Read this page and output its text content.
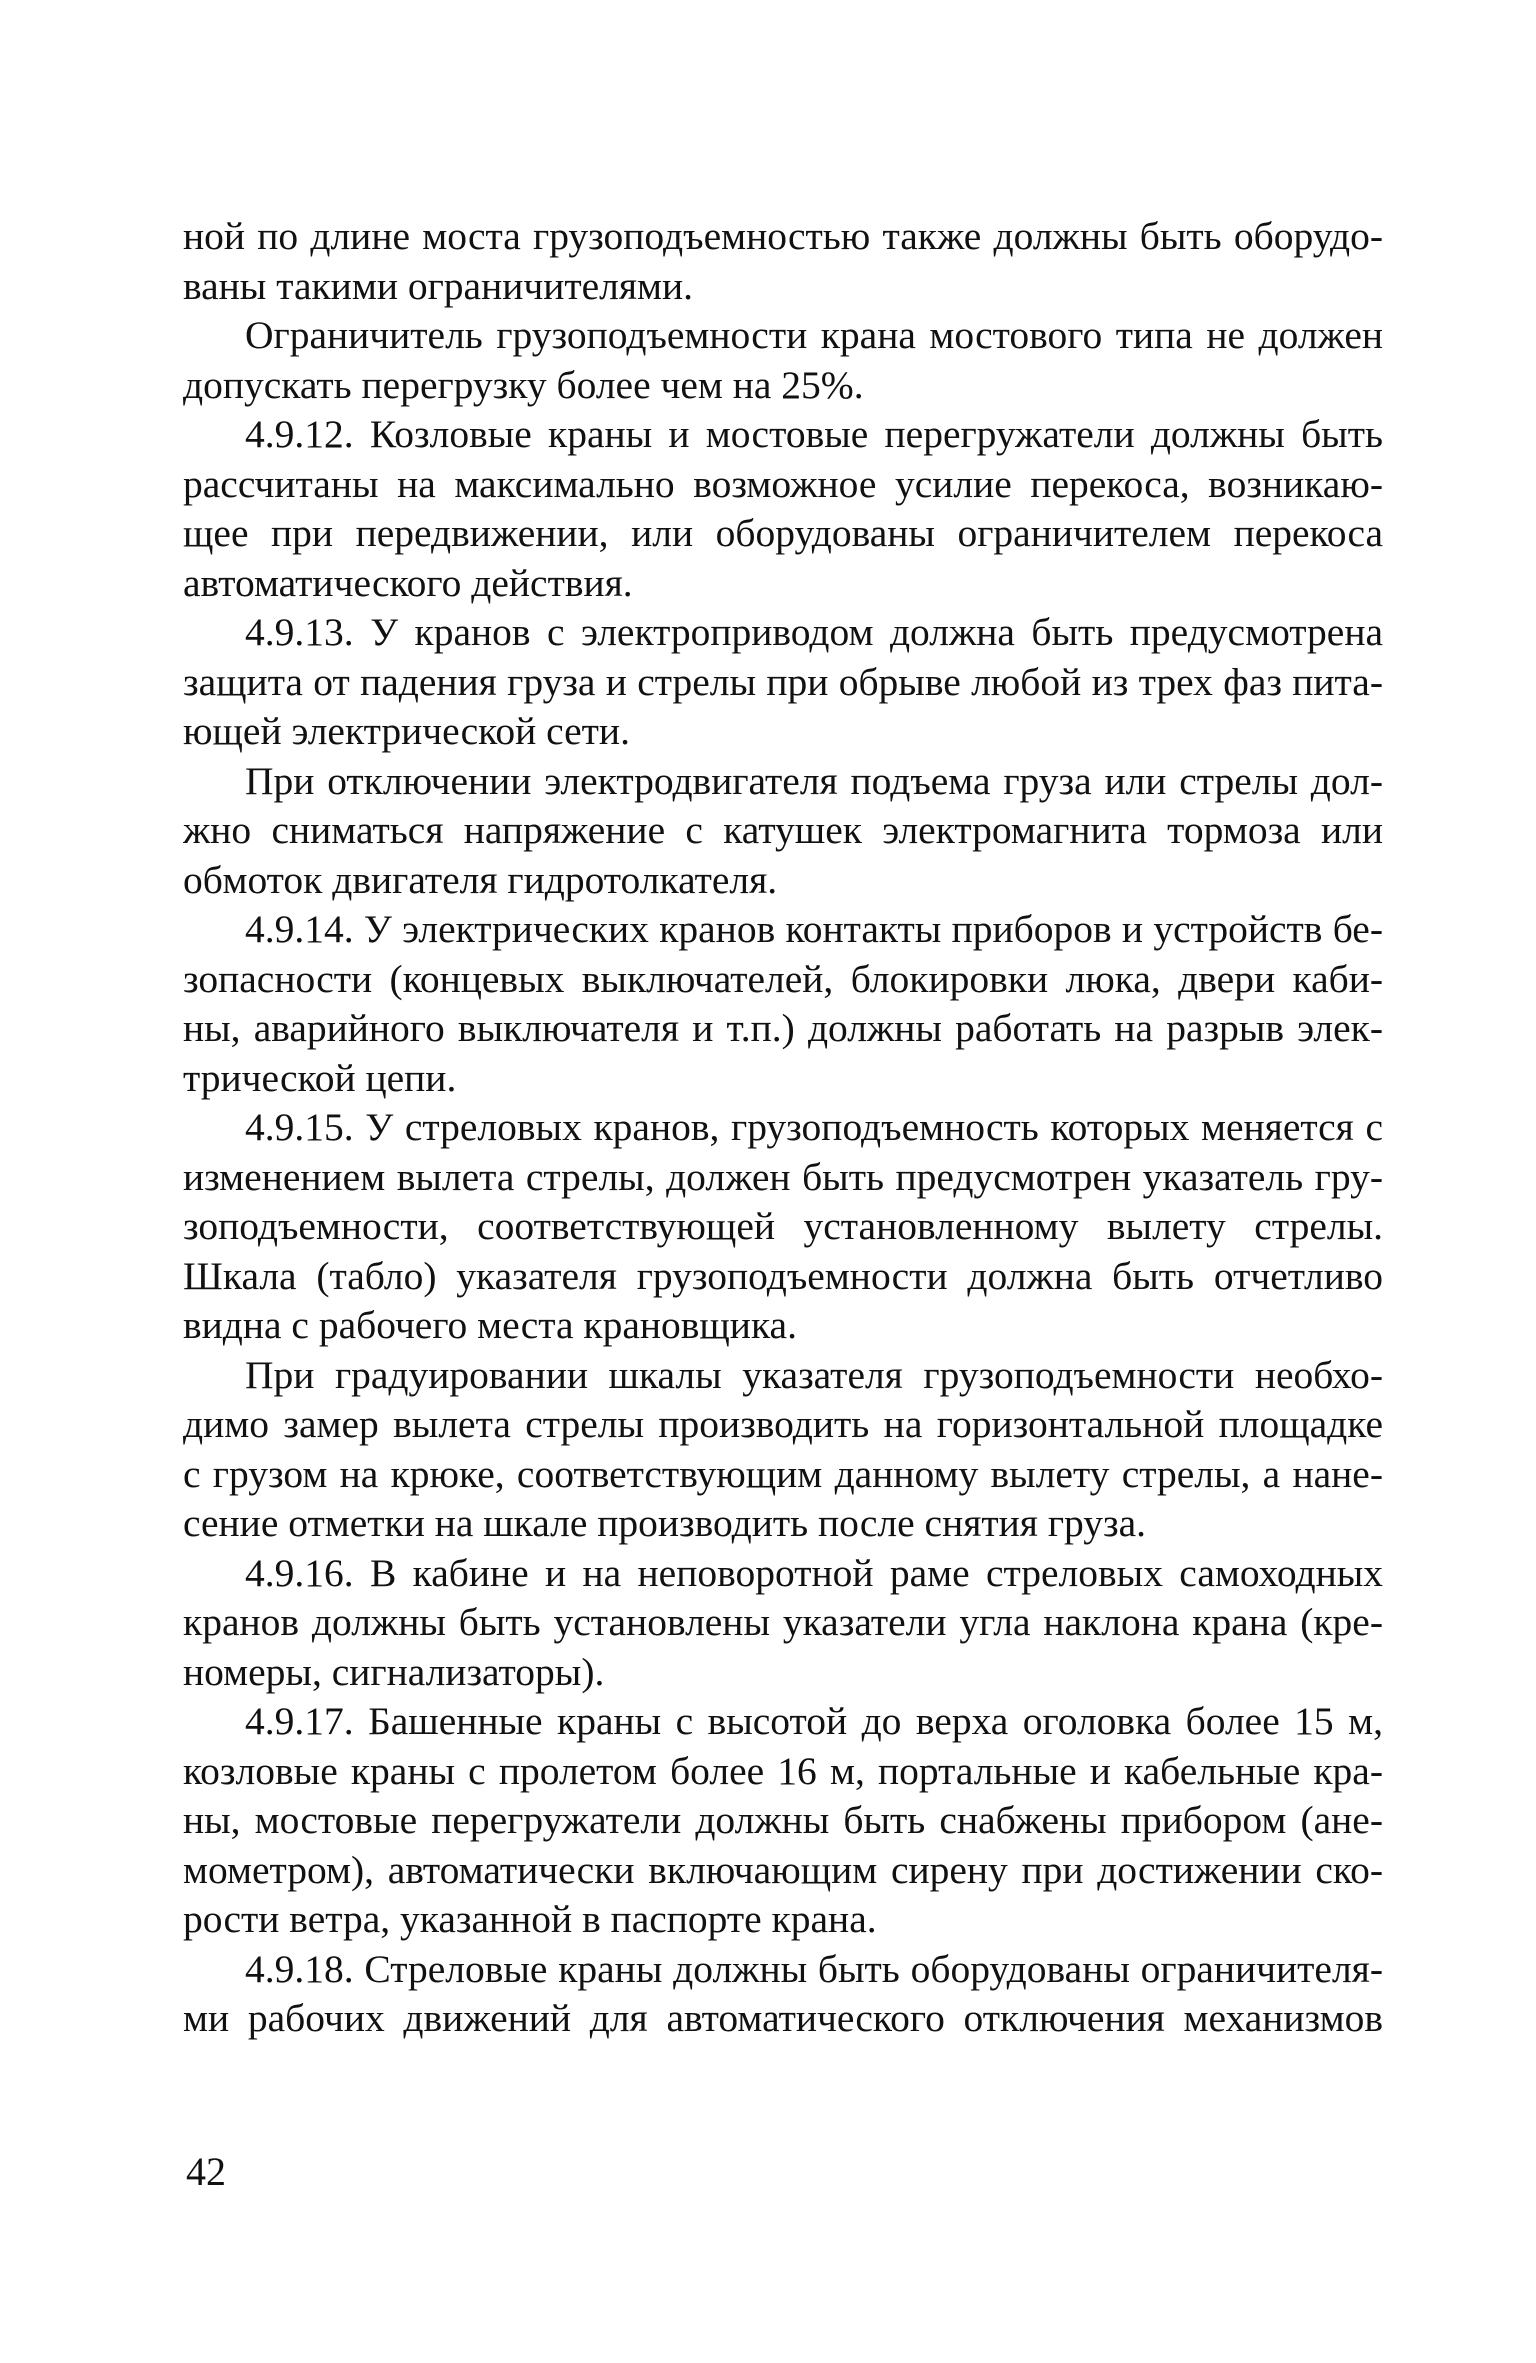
ной по длине моста грузоподъемностью также должны быть оборудо-
ваны такими ограничителями.
Ограничитель грузоподъемности крана мостового типа не должен
допускать перегрузку более чем на 25%.
4.9.12. Козловые краны и мостовые перегружатели должны быть
рассчитаны на максимально возможное усилие перекоса, возникаю-
щее при передвижении, или оборудованы ограничителем перекоса
автоматического действия.
4.9.13. У кранов с электроприводом должна быть предусмотрена
защита от падения груза и стрелы при обрыве любой из трех фаз пита-
ющей электрической сети.
При отключении электродвигателя подъема груза или стрелы дол-
жно сниматься напряжение с катушек электромагнита тормоза или
обмоток двигателя гидротолкателя.
4.9.14. У электрических кранов контакты приборов и устройств бе-
зопасности (концевых выключателей, блокировки люка, двери каби-
ны, аварийного выключателя и т.п.) должны работать на разрыв элек-
трической цепи.
4.9.15. У стреловых кранов, грузоподъемность которых меняется с
изменением вылета стрелы, должен быть предусмотрен указатель гру-
зоподъемности, соответствующей установленному вылету стрелы.
Шкала (табло) указателя грузоподъемности должна быть отчетливо
видна с рабочего места крановщика.
При градуировании шкалы указателя грузоподъемности необхо-
димо замер вылета стрелы производить на горизонтальной площадке
с грузом на крюке, соответствующим данному вылету стрелы, а нане-
сение отметки на шкале производить после снятия груза.
4.9.16. В кабине и на неповоротной раме стреловых самоходных
кранов должны быть установлены указатели угла наклона крана (кре-
номеры, сигнализаторы).
4.9.17. Башенные краны с высотой до верха оголовка более 15 м,
козловые краны с пролетом более 16 м, портальные и кабельные кра-
ны, мостовые перегружатели должны быть снабжены прибором (ане-
мометром), автоматически включающим сирену при достижении ско-
рости ветра, указанной в паспорте крана.
4.9.18. Стреловые краны должны быть оборудованы ограничителя-
ми рабочих движений для автоматического отключения механизмов
42
